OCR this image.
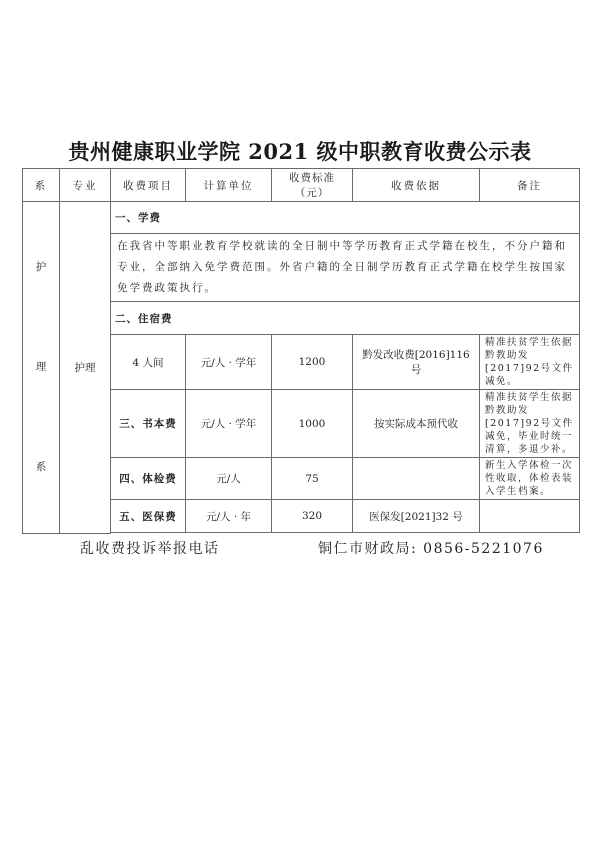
贵州健康职业学院 2021 级中职教育收费公示表
系	专业	收费项目	计算单位	收费标准（元）	收费依据	备注

护
理
系	护理	一、学费				
		在我省中等职业教育学校就读的全日制中等学历教育正式学籍在校生，不分户籍和专业，全部纳入免学费范围。外省户籍的全日制学历教育正式学籍在校学生按国家免学费政策执行。				
		二、住宿费				
		4 人间	元/人 · 学年	1200	黔发改收费[2016]116 号	精准扶贫学生依据黔教助发[2017]92号文件减免。
		三、书本费	元/人 · 学年	1000	按实际成本预代收	精准扶贫学生依据黔教助发[2017]92号文件减免，毕业时统一清算，多退少补。
		四、体检费	元/人	75		新生入学体检一次性收取，体检表装入学生档案。
		五、医保费	元/人 · 年	320	医保发[2021]32 号	

乱收费投诉举报电话	铜仁市财政局: 0856-5221076
